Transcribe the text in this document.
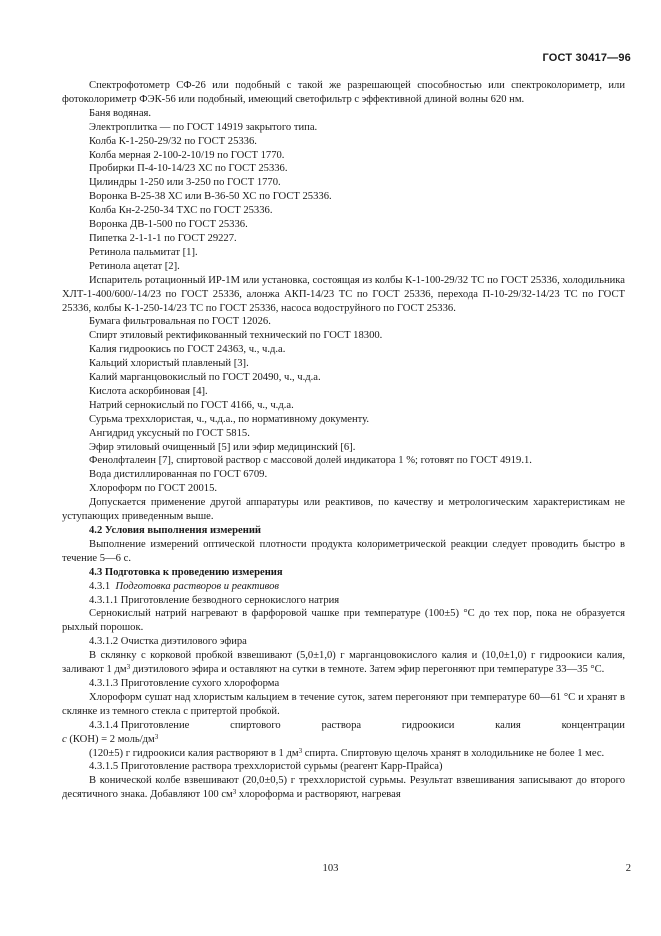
ГОСТ 30417—96

Спектрофотометр СФ-26 или подобный с такой же разрешающей способностью или спектроколориметр, или фотоколориметр ФЭК-56 или подобный, имеющий светофильтр с эффективной длиной волны 620 нм.

Баня водяная.

Электроплитка — по ГОСТ 14919 закрытого типа.

Колба К-1-250-29/32 по ГОСТ 25336.

Колба мерная 2-100-2-10/19 по ГОСТ 1770.

Пробирки П-4-10-14/23 ХС по ГОСТ 25336.

Цилиндры 1-250 или 3-250 по ГОСТ 1770.

Воронка В-25-38 ХС или В-36-50 ХС по ГОСТ 25336.

Колба Кн-2-250-34 ТХС по ГОСТ 25336.

Воронка ДВ-1-500 по ГОСТ 25336.

Пипетка 2-1-1-1 по ГОСТ 29227.

Ретинола пальмитат [1].

Ретинола ацетат [2].

Испаритель ротационный ИР-1М или установка, состоящая из колбы К-1-100-29/32 ТС по ГОСТ 25336, холодильника ХЛТ-1-400/600/-14/23 по ГОСТ 25336, алонжа АКП-14/23 ТС по ГОСТ 25336, перехода П-10-29/32-14/23 ТС по ГОСТ 25336, колбы К-1-250-14/23 ТС по ГОСТ 25336, насоса водоструйного по ГОСТ 25336.

Бумага фильтровальная по ГОСТ 12026.

Спирт этиловый ректификованный технический по ГОСТ 18300.

Калия гидроокись по ГОСТ 24363, ч., ч.д.а.

Кальций хлористый плавленый [3].

Калий марганцовокислый по ГОСТ 20490, ч., ч.д.а.

Кислота аскорбиновая [4].

Натрий сернокислый по ГОСТ 4166, ч., ч.д.а.

Сурьма треххлористая, ч., ч.д.а., по нормативному документу.

Ангидрид уксусный по ГОСТ 5815.

Эфир этиловый очищенный [5] или эфир медицинский [6].

Фенолфталеин [7], спиртовой раствор с массовой долей индикатора 1 %; готовят по ГОСТ 4919.1.

Вода дистиллированная по ГОСТ 6709.

Хлороформ по ГОСТ 20015.

Допускается применение другой аппаратуры или реактивов, по качеству и метрологическим характеристикам не уступающих приведенным выше.

4.2 Условия выполнения измерений

Выполнение измерений оптической плотности продукта колориметрической реакции следует проводить быстро в течение 5—6 с.

4.3 Подготовка к проведению измерения

4.3.1 Подготовка растворов и реактивов

4.3.1.1 Приготовление безводного сернокислого натрия

Сернокислый натрий нагревают в фарфоровой чашке при температуре (100±5) °С до тех пор, пока не образуется рыхлый порошок.

4.3.1.2 Очистка диэтилового эфира

В склянку с корковой пробкой взвешивают (5,0±1,0) г марганцовокислого калия и (10,0±1,0) г гидроокиси калия, заливают 1 $дм^3$ диэтилового эфира и оставляют на сутки в темноте. Затем эфир перегоняют при температуре 33—35 °С.

4.3.1.3 Приготовление сухого хлороформа

Хлороформ сушат над хлористым кальцием в течение суток, затем перегоняют при температуре 60—61 °С и хранят в склянке из темного стекла с притертой пробкой.

4.3.1.4 Приготовление	спиртового	раствора	гидроокиси	калия	концентрации

c (КОН) = 2 моль/$дм^3$

(120±5) г гидроокиси калия растворяют в 1 $дм^3$ спирта. Спиртовую щелочь хранят в холодильнике не более 1 мес.

4.3.1.5 Приготовление раствора треххлористой сурьмы (реагент Карр-Прайса)

В конической колбе взвешивают (20,0±0,5) г треххлористой сурьмы. Результат взвешивания записывают до второго десятичного знака. Добавляют 100 $см^3$ хлороформа и растворяют, нагревая

103	2
